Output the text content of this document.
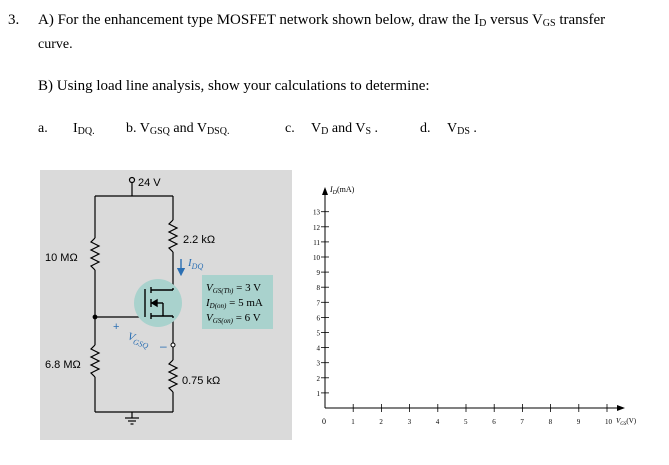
3. A) For the enhancement type MOSFET network shown below, draw the $I_D$ versus $V_{GS}$ transfer
curve.
B) Using load line analysis, show your calculations to determine:
a. $I_{DQ.}$ b. $V_{GSQ}$ and $V_{DSQ.}$	c. $V_D$ and $V_S$ .	d. $V_{DS}$ .
24 V
10 MΩ
6.8 MΩ
2.2 kΩ
0.75 kΩ
$I_{DQ}$
+
$V_{GSQ}$ –
VGS(Th) = 3 V
ID(on) = 5 mA
VGS(on) = 6 V
$I_D(mA)$
$V_{GS}(V)$
0	1	2	3	4	5	6	7	8	9	10
1
2
3
4
5
6
7
8
9
10
11
12
13
